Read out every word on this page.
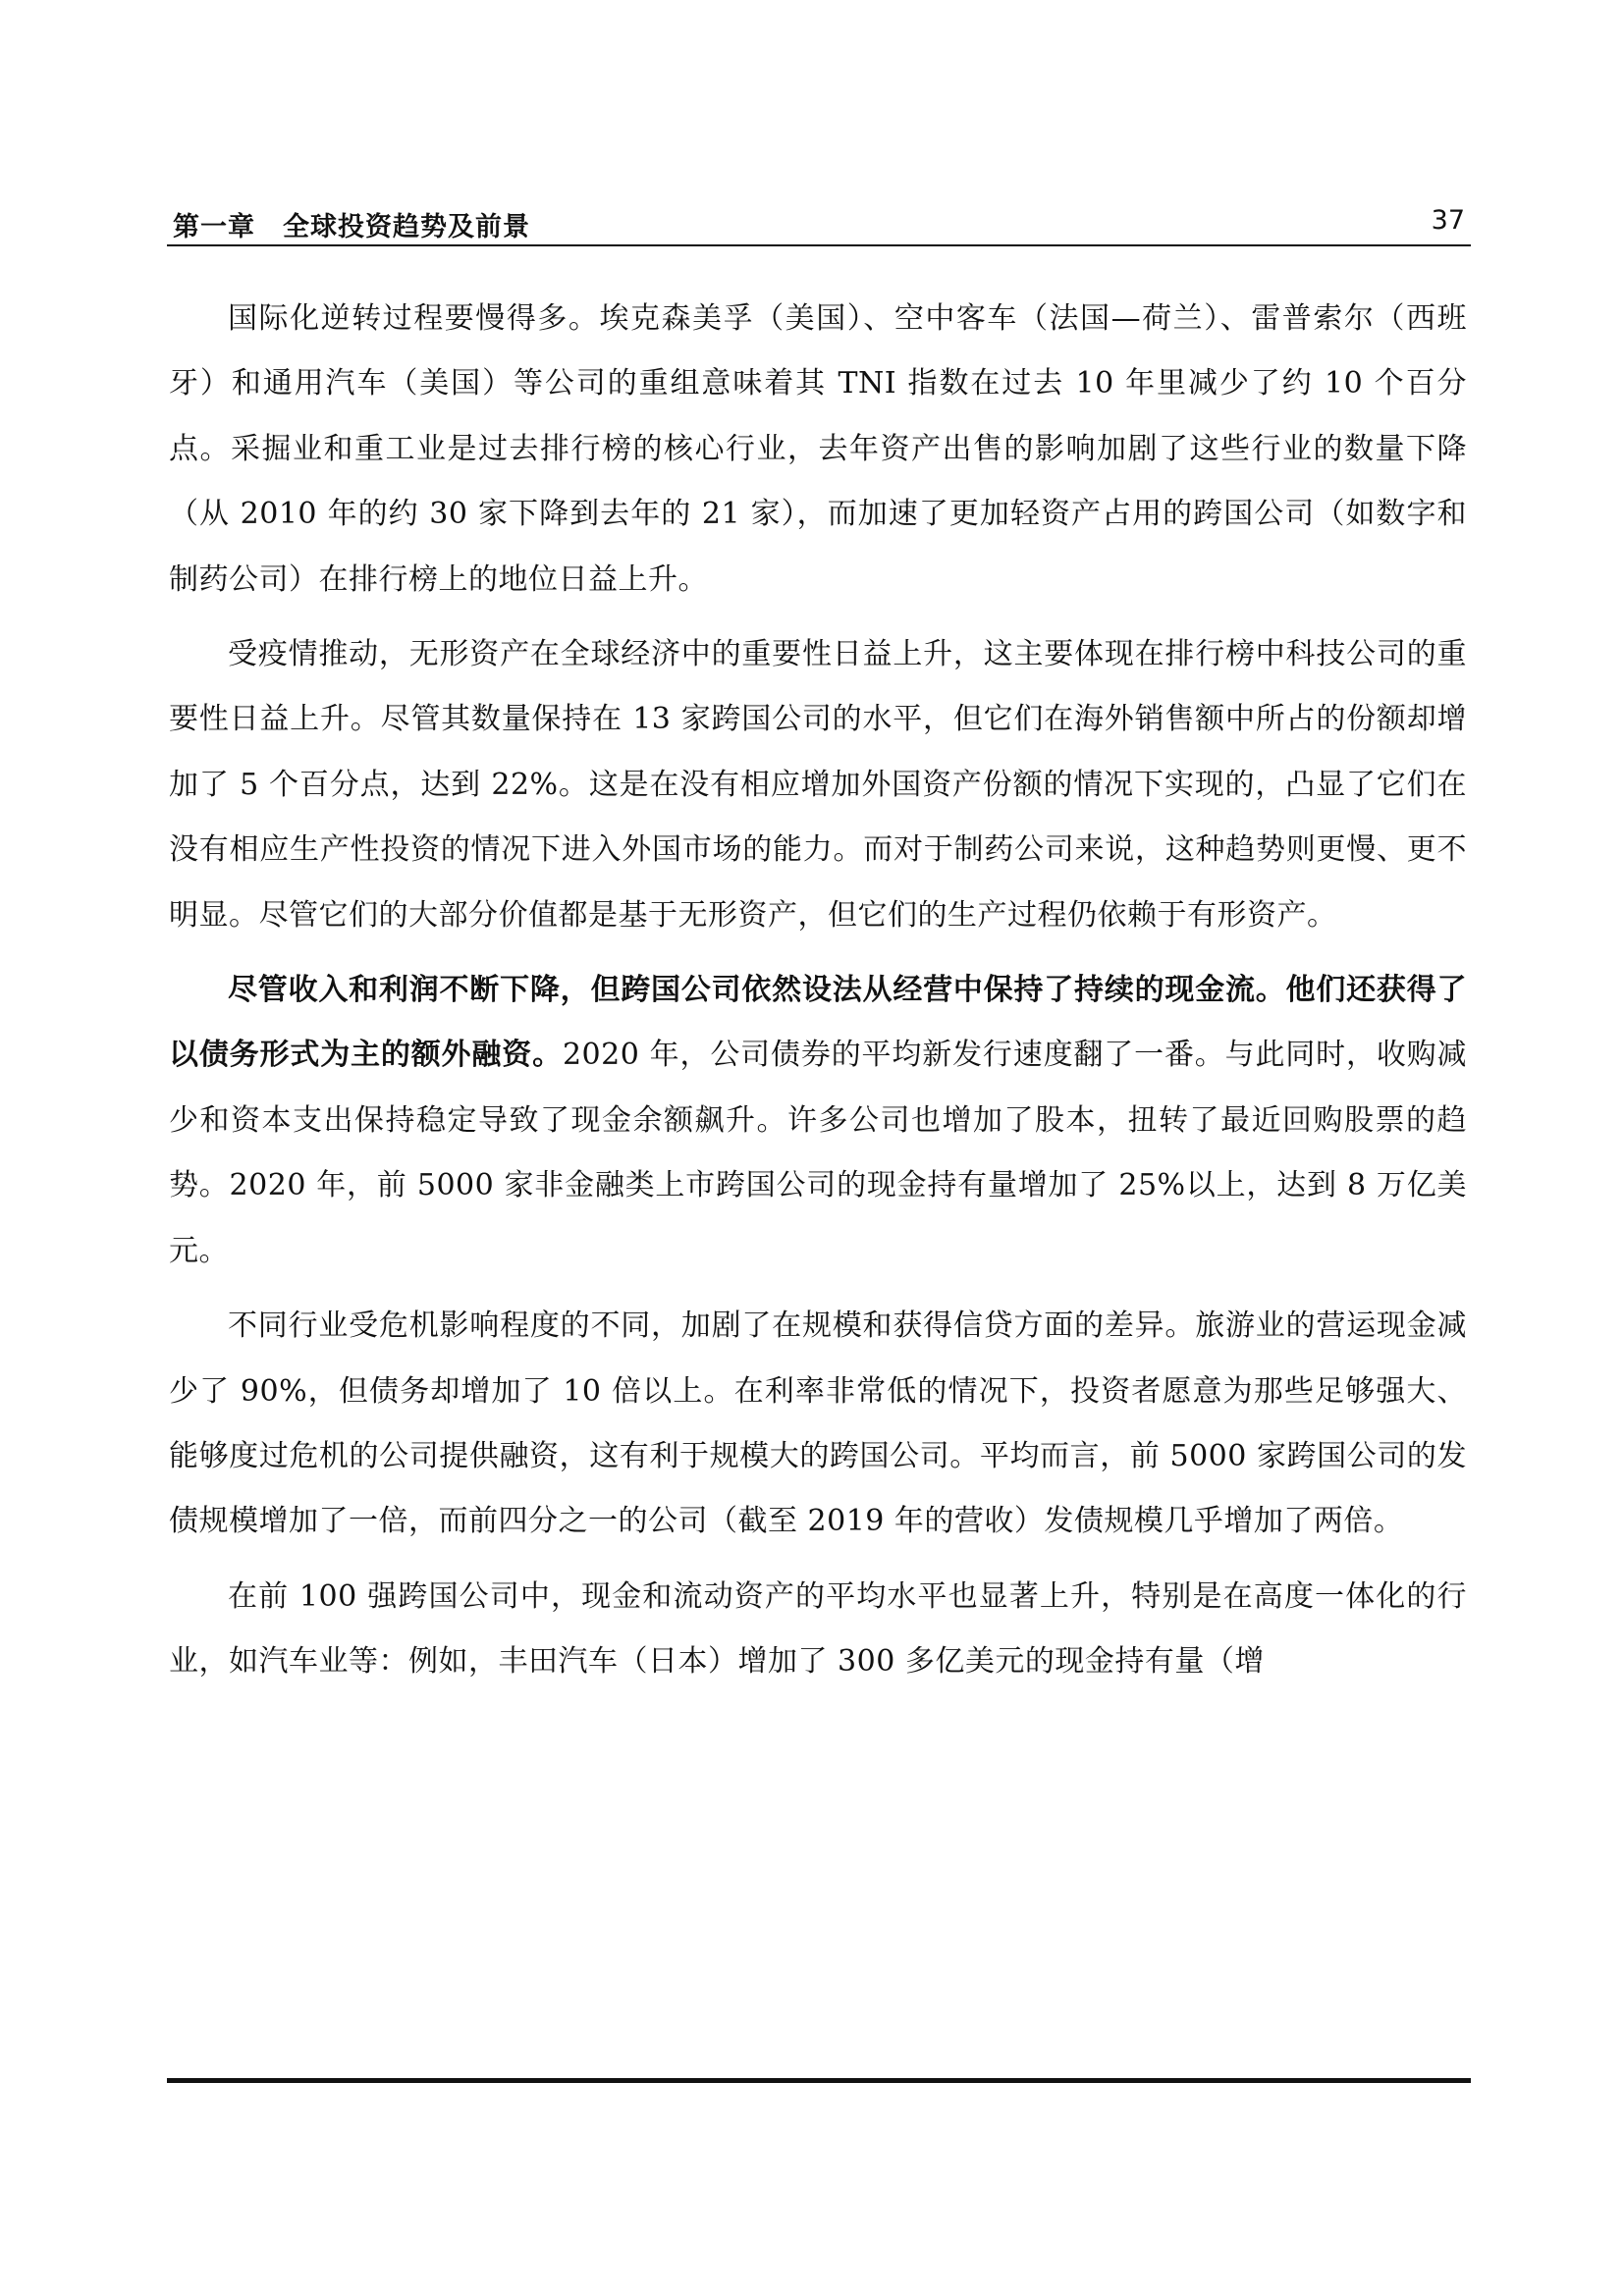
第一章　全球投资趋势及前景	37

国际化逆转过程要慢得多。埃克森美孚（美国）、空中客车（法国—荷兰）、雷普索尔（西班牙）和通用汽车（美国）等公司的重组意味着其 TNI 指数在过去 10 年里减少了约 10 个百分点。采掘业和重工业是过去排行榜的核心行业，去年资产出售的影响加剧了这些行业的数量下降（从 2010 年的约 30 家下降到去年的 21 家），而加速了更加轻资产占用的跨国公司（如数字和制药公司）在排行榜上的地位日益上升。

受疫情推动，无形资产在全球经济中的重要性日益上升，这主要体现在排行榜中科技公司的重要性日益上升。尽管其数量保持在 13 家跨国公司的水平，但它们在海外销售额中所占的份额却增加了 5 个百分点，达到 22%。这是在没有相应增加外国资产份额的情况下实现的，凸显了它们在没有相应生产性投资的情况下进入外国市场的能力。而对于制药公司来说，这种趋势则更慢、更不明显。尽管它们的大部分价值都是基于无形资产，但它们的生产过程仍依赖于有形资产。

尽管收入和利润不断下降，但跨国公司依然设法从经营中保持了持续的现金流。他们还获得了以债务形式为主的额外融资。2020 年，公司债券的平均新发行速度翻了一番。与此同时，收购减少和资本支出保持稳定导致了现金余额飙升。许多公司也增加了股本，扭转了最近回购股票的趋势。2020 年，前 5000 家非金融类上市跨国公司的现金持有量增加了 25%以上，达到 8 万亿美元。

不同行业受危机影响程度的不同，加剧了在规模和获得信贷方面的差异。旅游业的营运现金减少了 90%，但债务却增加了 10 倍以上。在利率非常低的情况下，投资者愿意为那些足够强大、能够度过危机的公司提供融资，这有利于规模大的跨国公司。平均而言，前 5000 家跨国公司的发债规模增加了一倍，而前四分之一的公司（截至 2019 年的营收）发债规模几乎增加了两倍。

在前 100 强跨国公司中，现金和流动资产的平均水平也显著上升，特别是在高度一体化的行业，如汽车业等：例如，丰田汽车（日本）增加了 300 多亿美元的现金持有量（增
